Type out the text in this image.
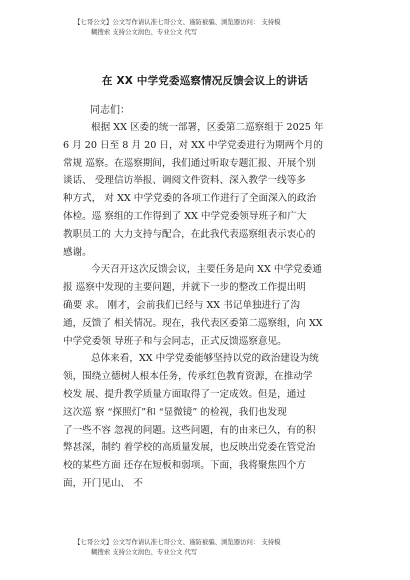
【七哥公文】公文写作请认准七哥公文、谨防被骗、浏览器访问： 支持模
糊搜索 支持公文润色、专业公文 代写
在 XX 中学党委巡察情况反馈会议上的讲话
同志们：
根据 XX 区委的统一部署，区委第二巡察组于 2025 年
6 月 20 日至 8 月 20 日，对 XX 中学党委进行为期两个月的
常规 巡察。在巡察期间，我们通过听取专题汇报、开展个别
谈话、 受理信访举报、调阅文件资料、深入教学一线等多
种方式， 对 XX 中学党委的各项工作进行了全面深入的政治
体检。巡 察组的工作得到了 XX 中学党委领导班子和广大
教职员工的 大力支持与配合，在此我代表巡察组表示衷心的
感谢。
今天召开这次反馈会议，主要任务是向 XX 中学党委通
报 巡察中发现的主要问题，并就下一步的整改工作提出明
确要 求。 刚才，会前我们已经与 XX 书记单独进行了沟
通，反馈了 相关情况。现在，我代表区委第二巡察组，向 XX
中学党委领 导班子和与会同志，正式反馈巡察意见。
总体来看，XX 中学党委能够坚持以党的政治建设为统
领，围绕立德树人根本任务，传承红色教育资源，在推动学
校发 展、提升教学质量方面取得了一定成效。但是，通过
这次巡 察 “探照灯”和 “显微镜” 的检视，我们也发现
了一些不容 忽视的问题。这些问题，有的由来已久，有的积
弊甚深，制约 着学校的高质量发展，也反映出党委在管党治
校的某些方面 还存在短板和弱项。下面，我将聚焦四个方
面，开门见山、 不
【七哥公文】公文写作请认准七哥公文、谨防被骗、浏览器访问： 支持模
糊搜索 支持公文润色、专业公文 代写
